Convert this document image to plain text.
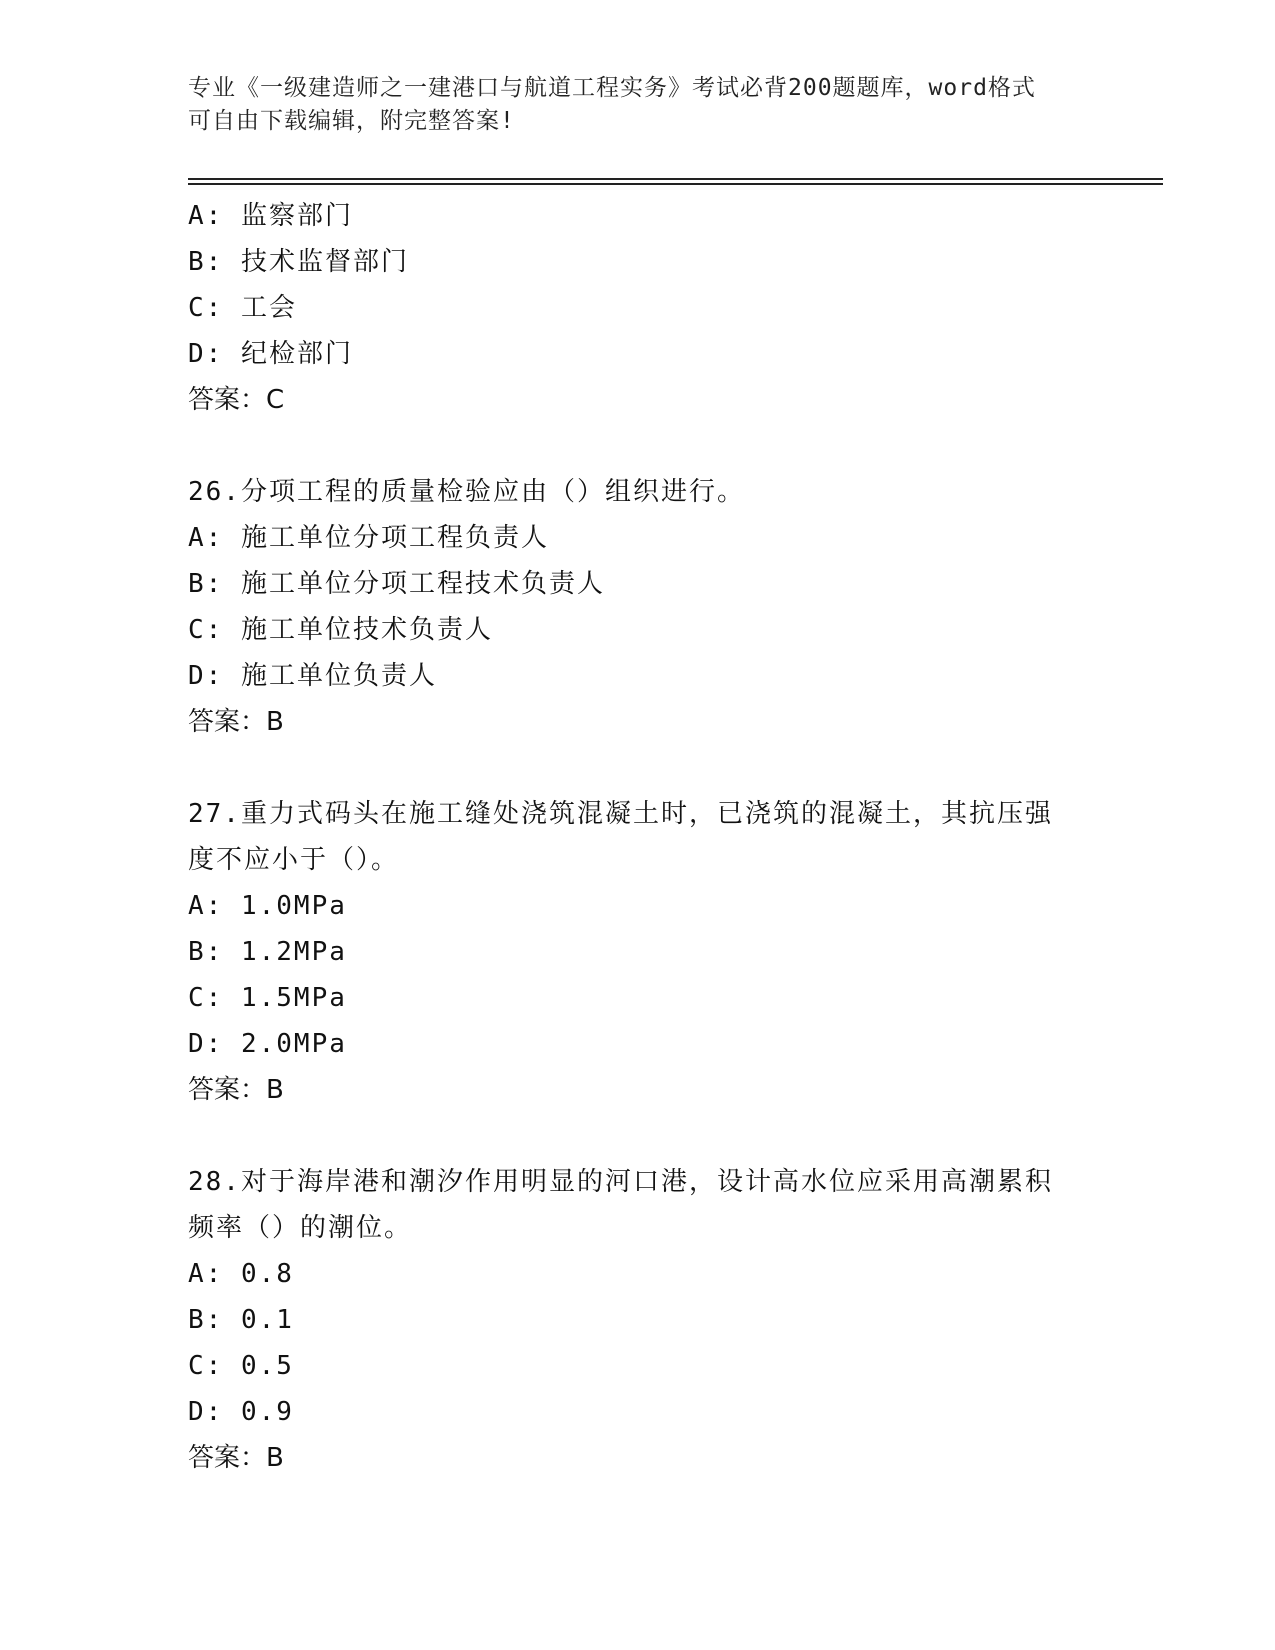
专业《一级建造师之一建港口与航道工程实务》考试必背200题题库，word格式
可自由下载编辑，附完整答案!
A: 监察部门
B: 技术监督部门
C: 工会
D: 纪检部门
答案：C
26.分项工程的质量检验应由（）组织进行。
A: 施工单位分项工程负责人
B: 施工单位分项工程技术负责人
C: 施工单位技术负责人
D: 施工单位负责人
答案：B
27.重力式码头在施工缝处浇筑混凝土时，已浇筑的混凝土，其抗压强
度不应小于（）。
A: 1.0MPa
B: 1.2MPa
C: 1.5MPa
D: 2.0MPa
答案：B
28.对于海岸港和潮汐作用明显的河口港，设计高水位应采用高潮累积
频率（）的潮位。
A: 0.8
B: 0.1
C: 0.5
D: 0.9
答案：B
